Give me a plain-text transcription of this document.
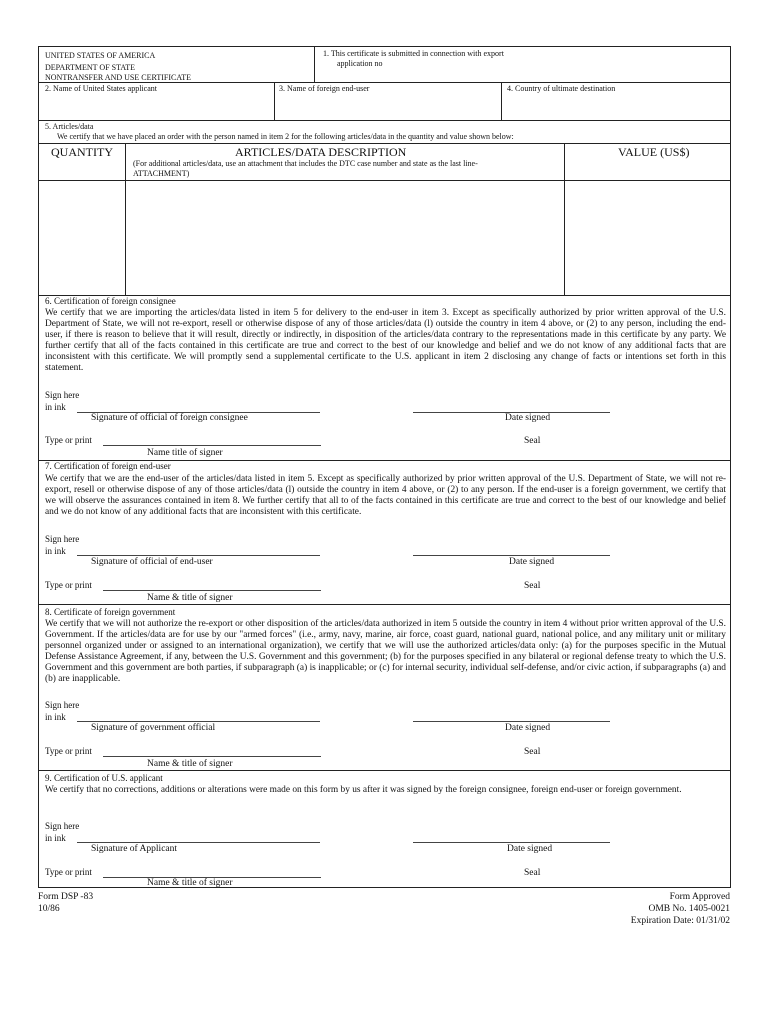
UNITED STATES OF AMERICA
DEPARTMENT OF STATE
NONTRANSFER AND USE CERTIFICATE
1. This certificate is submitted in connection with export
application no
2. Name of United States applicant	3. Name of foreign end-user	4. Country of ultimate destination
5. Articles/data
We certify that we have placed an order with the person named in item 2 for the following articles/data in the quantity and value shown below:
QUANTITY	ARTICLES/DATA DESCRIPTION	VALUE (US$)
(For additional articles/data, use an attachment that includes the DTC case number and state as the last line-
ATTACHMENT)
6. Certification of foreign consignee
We certify that we are importing the articles/data listed in item 5 for delivery to the end-user in item 3. Except as specifically authorized by prior written approval of the U.S. Department of State, we will not re-export, resell or otherwise dispose of any of those articles/data (l) outside the country in item 4 above, or (2) to any person, including the end-user, if there is reason to believe that it will result, directly or indirectly, in disposition of the articles/data contrary to the representations made in this certificate by any party. We further certify that all of the facts contained in this certificate are true and correct to the best of our knowledge and belief and we do not know of any additional facts that are inconsistent with this certificate. We will promptly send a supplemental certificate to the U.S. applicant in item 2 disclosing any change of facts or intentions set forth in this statement.
Sign here
in ink
Signature of official of foreign consignee	Date signed
Type or print	Seal
Name title of signer
7. Certification of foreign end-user
We certify that we are the end-user of the articles/data listed in item 5. Except as specifically authorized by prior written approval of the U.S. Department of State, we will not re-export, resell or otherwise dispose of any of those articles/data (l) outside the country in item 4 above, or (2) to any person. If the end-user is a foreign government, we certify that we will observe the assurances contained in item 8. We further certify that all to of the facts contained in this certificate are true and correct to the best of our knowledge and belief and we do not know of any additional facts that are inconsistent with this certificate.
Sign here
in ink
Signature of official of end-user	Date signed
Type or print	Seal
Name & title of signer
8. Certificate of foreign government
We certify that we will not authorize the re-export or other disposition of the articles/data authorized in item 5 outside the country in item 4 without prior written approval of the U.S. Government. If the articles/data are for use by our "armed forces" (i.e., army, navy, marine, air force, coast guard, national guard, national police, and any military unit or military personnel organized under or assigned to an international organization), we certify that we will use the authorized articles/data only: (a) for the purposes specific in the Mutual Defense Assistance Agreement, if any, between the U.S. Government and this government; (b) for the purposes specified in any bilateral or regional defense treaty to which the U.S. Government and this government are both parties, if subparagraph (a) is inapplicable; or (c) for internal security, individual self-defense, and/or civic action, if subparagraphs (a) and (b) are inapplicable.
Sign here
in ink
Signature of government official	Date signed
Type or print	Seal
Name & title of signer
9. Certification of U.S. applicant
We certify that no corrections, additions or alterations were made on this form by us after it was signed by the foreign consignee, foreign end-user or foreign government.
Sign here
in ink
Signature of Applicant	Date signed
Type or print	Seal
Name & title of signer
Form DSP -83
10/86
Form Approved
OMB No. 1405-0021
Expiration Date: 01/31/02
